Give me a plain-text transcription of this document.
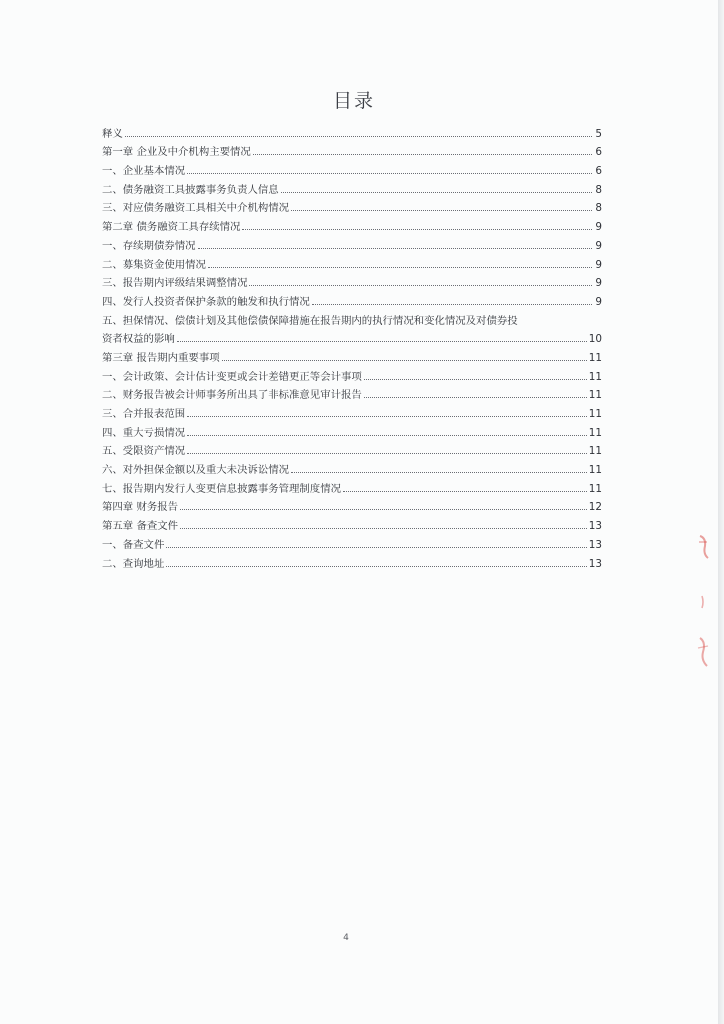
目录
释义	5
第一章 企业及中介机构主要情况	6
一、企业基本情况	6
二、债务融资工具披露事务负责人信息	8
三、对应债务融资工具相关中介机构情况	8
第二章 债务融资工具存续情况	9
一、存续期债券情况	9
二、募集资金使用情况	9
三、报告期内评级结果调整情况	9
四、发行人投资者保护条款的触发和执行情况	9
五、担保情况、偿债计划及其他偿债保障措施在报告期内的执行情况和变化情况及对债券投
资者权益的影响	10
第三章 报告期内重要事项	11
一、会计政策、会计估计变更或会计差错更正等会计事项	11
二、财务报告被会计师事务所出具了非标准意见审计报告	11
三、合并报表范围	11
四、重大亏损情况	11
五、受限资产情况	11
六、对外担保金额以及重大未决诉讼情况	11
七、报告期内发行人变更信息披露事务管理制度情况	11
第四章 财务报告	12
第五章 备查文件	13
一、备查文件	13
二、查询地址	13
4
